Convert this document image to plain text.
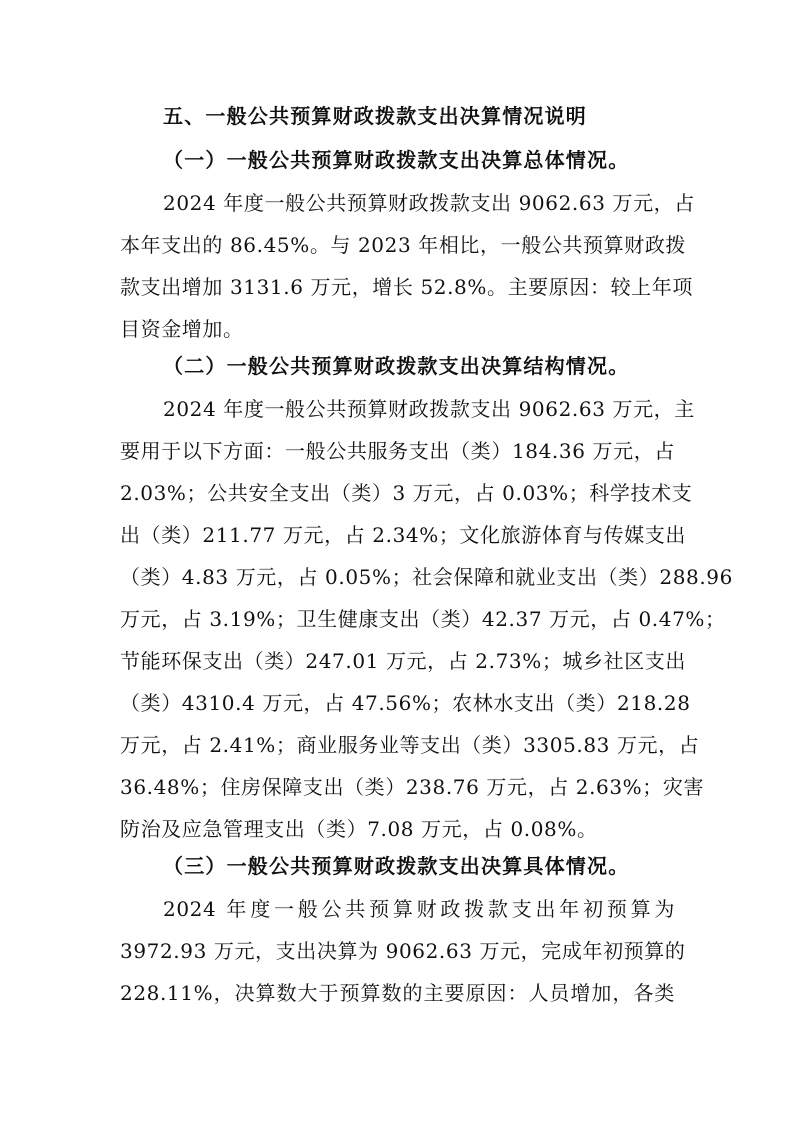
五、一般公共预算财政拨款支出决算情况说明
（一）一般公共预算财政拨款支出决算总体情况。
2024 年度一般公共预算财政拨款支出 9062.63 万元，占
本年支出的 86.45%。与 2023 年相比，一般公共预算财政拨
款支出增加 3131.6 万元，增长 52.8%。主要原因：较上年项
目资金增加。
（二）一般公共预算财政拨款支出决算结构情况。
2024 年度一般公共预算财政拨款支出 9062.63 万元，主
要用于以下方面：一般公共服务支出（类）184.36 万元，占
2.03%；公共安全支出（类）3 万元，占 0.03%；科学技术支
出（类）211.77 万元，占 2.34%；文化旅游体育与传媒支出
（类）4.83 万元，占 0.05%；社会保障和就业支出（类）288.96
万元，占 3.19%；卫生健康支出（类）42.37 万元，占 0.47%；
节能环保支出（类）247.01 万元，占 2.73%；城乡社区支出
（类）4310.4 万元，占 47.56%；农林水支出（类）218.28
万元，占 2.41%；商业服务业等支出（类）3305.83 万元，占
36.48%；住房保障支出（类）238.76 万元，占 2.63%；灾害
防治及应急管理支出（类）7.08 万元，占 0.08%。
（三）一般公共预算财政拨款支出决算具体情况。
2024 年度一般公共预算财政拨款支出年初预算为
3972.93 万元，支出决算为 9062.63 万元，完成年初预算的
228.11%，决算数大于预算数的主要原因：人员增加，各类
